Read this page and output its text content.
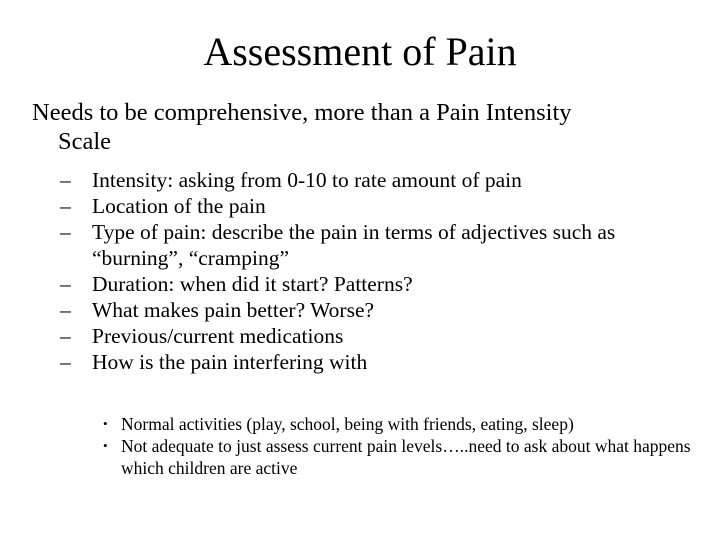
Assessment of Pain
Needs to be comprehensive, more than a Pain Intensity
Scale
– Intensity: asking from 0-10 to rate amount of pain
– Location of the pain
– Type of pain: describe the pain in terms of adjectives such as “burning”, “cramping”
– Duration: when did it start? Patterns?
– What makes pain better? Worse?
– Previous/current medications
– How is the pain interfering with
• Normal activities (play, school, being with friends, eating, sleep)
• Not adequate to just assess current pain levels…..need to ask about what happens which children are active
